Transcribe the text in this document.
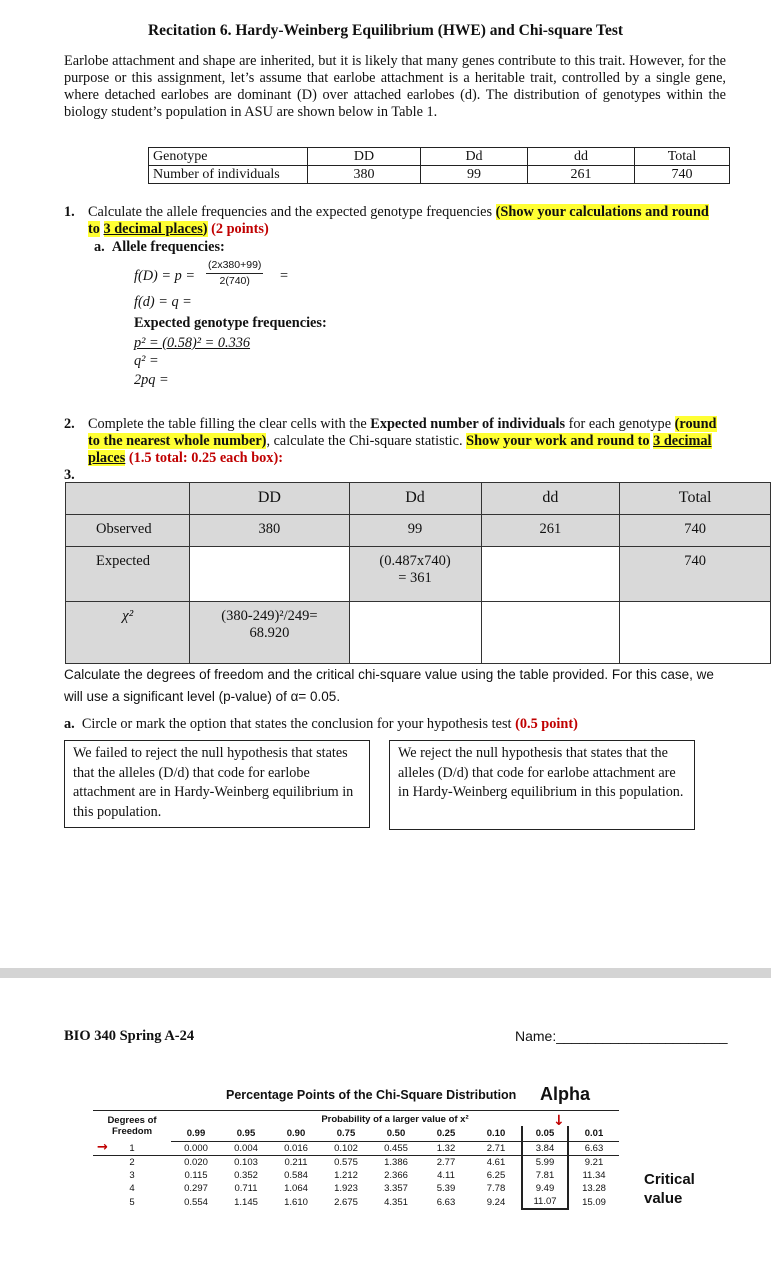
Recitation 6. Hardy-Weinberg Equilibrium (HWE) and Chi-square Test
Earlobe attachment and shape are inherited, but it is likely that many genes contribute to this trait. However, for the purpose or this assignment, let’s assume that earlobe attachment is a heritable trait, controlled by a single gene, where detached earlobes are dominant (D) over attached earlobes (d). The distribution of genotypes within the biology student’s population in ASU are shown below in Table 1.
Genotype	DD	Dd	dd	Total
Number of individuals	380	99	261	740
1. Calculate the allele frequencies and the expected genotype frequencies (Show your calculations and round to 3 decimal places) (2 points)
a. Allele frequencies:
$f(D) = p = \frac{(2x380+99)}{2(740)}$ =
f(d) = q =
Expected genotype frequencies:
p² = (0.58)² = 0.336
q² =
2pq =
2. Complete the table filling the clear cells with the Expected number of individuals for each genotype (round to the nearest whole number), calculate the Chi-square statistic. Show your work and round to 3 decimal places (1.5 total: 0.25 each box):
3.
	DD	Dd	dd	Total
Observed	380	99	261	740
Expected		(0.487x740)
= 361		740
χ²	(380-249)²/249=
68.920			

Calculate the degrees of freedom and the critical chi-square value using the table provided. For this case, we will use a significant level (p-value) of α= 0.05.
a. Circle or mark the option that states the conclusion for your hypothesis test (0.5 point)
We failed to reject the null hypothesis that states that the alleles (D/d) that code for earlobe attachment are in Hardy-Weinberg equilibrium in this population.
We reject the null hypothesis that states that the alleles (D/d) that code for earlobe attachment are in Hardy-Weinberg equilibrium in this population.
BIO 340 Spring A-24	Name:______________________
Percentage Points of the Chi-Square Distribution Alpha
Degrees of
Freedom	Probability of a larger value of x²								
	0.99	0.95	0.90	0.75	0.50	0.25	0.10	0.05	0.01

→ 1	0.000	0.004	0.016	0.102	0.455	1.32	2.71	3.84	6.63
2	0.020	0.103	0.211	0.575	1.386	2.77	4.61	5.99	9.21
3	0.115	0.352	0.584	1.212	2.366	4.11	6.25	7.81	11.34
4	0.297	0.711	1.064	1.923	3.357	5.39	7.78	9.49	13.28
5	0.554	1.145	1.610	2.675	4.351	6.63	9.24	11.07	15.09
↓
Critical
value
